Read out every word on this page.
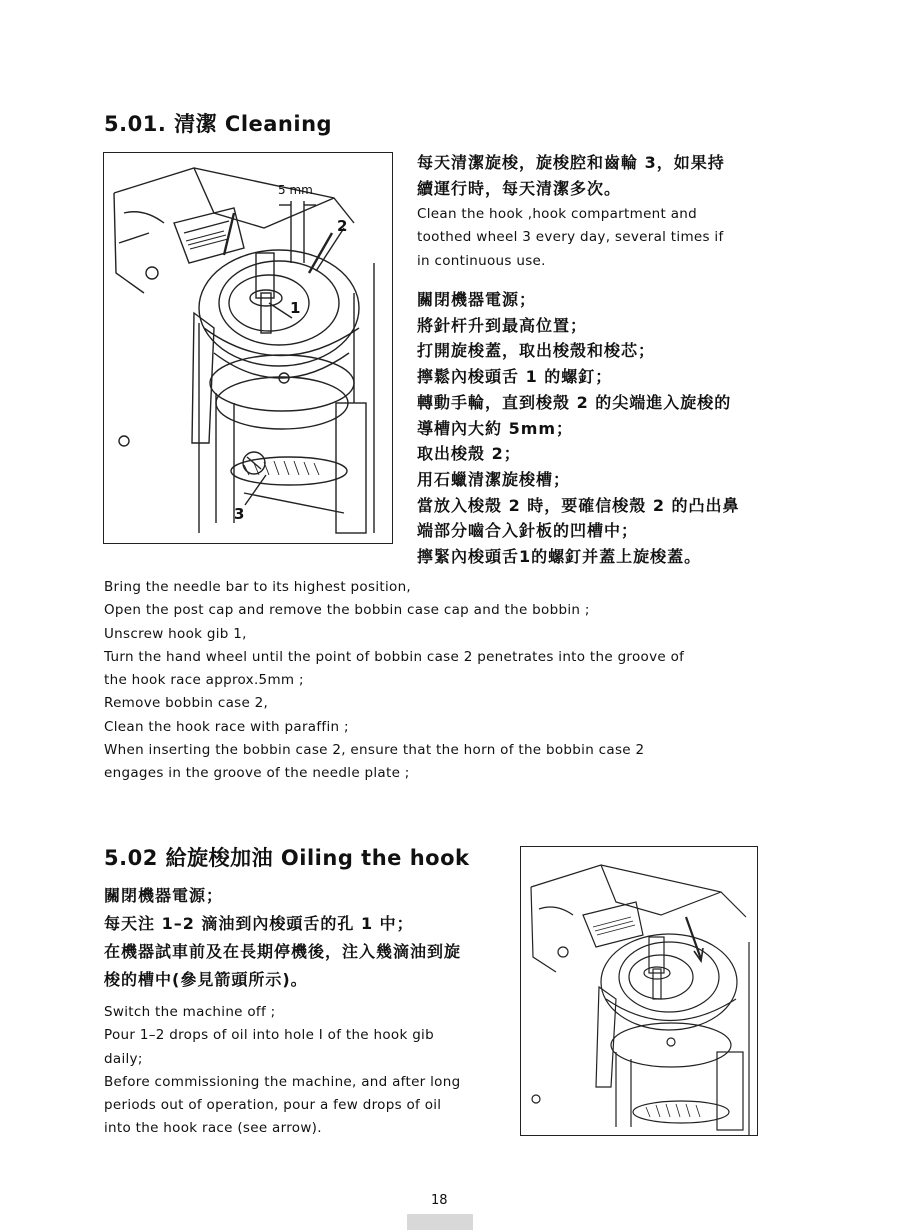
5.01. 清潔 Cleaning
5 mm
2
1
3
每天清潔旋梭，旋梭腔和齒輪 3，如果持
續運行時，每天清潔多次。
Clean the hook ,hook compartment and
toothed wheel 3 every day, several times if
in continuous use.
關閉機器電源；
將針杆升到最高位置；
打開旋梭蓋，取出梭殼和梭芯；
擰鬆內梭頭舌 1 的螺釘；
轉動手輪，直到梭殼 2 的尖端進入旋梭的
導槽內大約 5mm；
取出梭殼 2；
用石蠟清潔旋梭槽；
當放入梭殼 2 時，要確信梭殼 2 的凸出鼻
端部分嚙合入針板的凹槽中；
擰緊內梭頭舌1的螺釘并蓋上旋梭蓋。
Bring the needle bar to its highest position,
Open the post cap and remove the bobbin case cap and the bobbin ;
Unscrew hook gib 1,
Turn the hand wheel until the point of bobbin case 2 penetrates into the groove of
the hook race approx.5mm ;
Remove bobbin case 2,
Clean the hook race with paraffin ;
When inserting the bobbin case 2, ensure that the horn of the bobbin case 2
engages in the groove of the needle plate ;
5.02 給旋梭加油 Oiling the hook
關閉機器電源；
每天注 1–2 滴油到內梭頭舌的孔 1 中；
在機器試車前及在長期停機後，注入幾滴油到旋
梭的槽中(參見箭頭所示)。
Switch the machine off ;
Pour 1–2 drops of oil into hole I of the hook gib
daily;
Before commissioning the machine, and after long
periods out of operation, pour a few drops of oil
into the hook race (see arrow).
18
